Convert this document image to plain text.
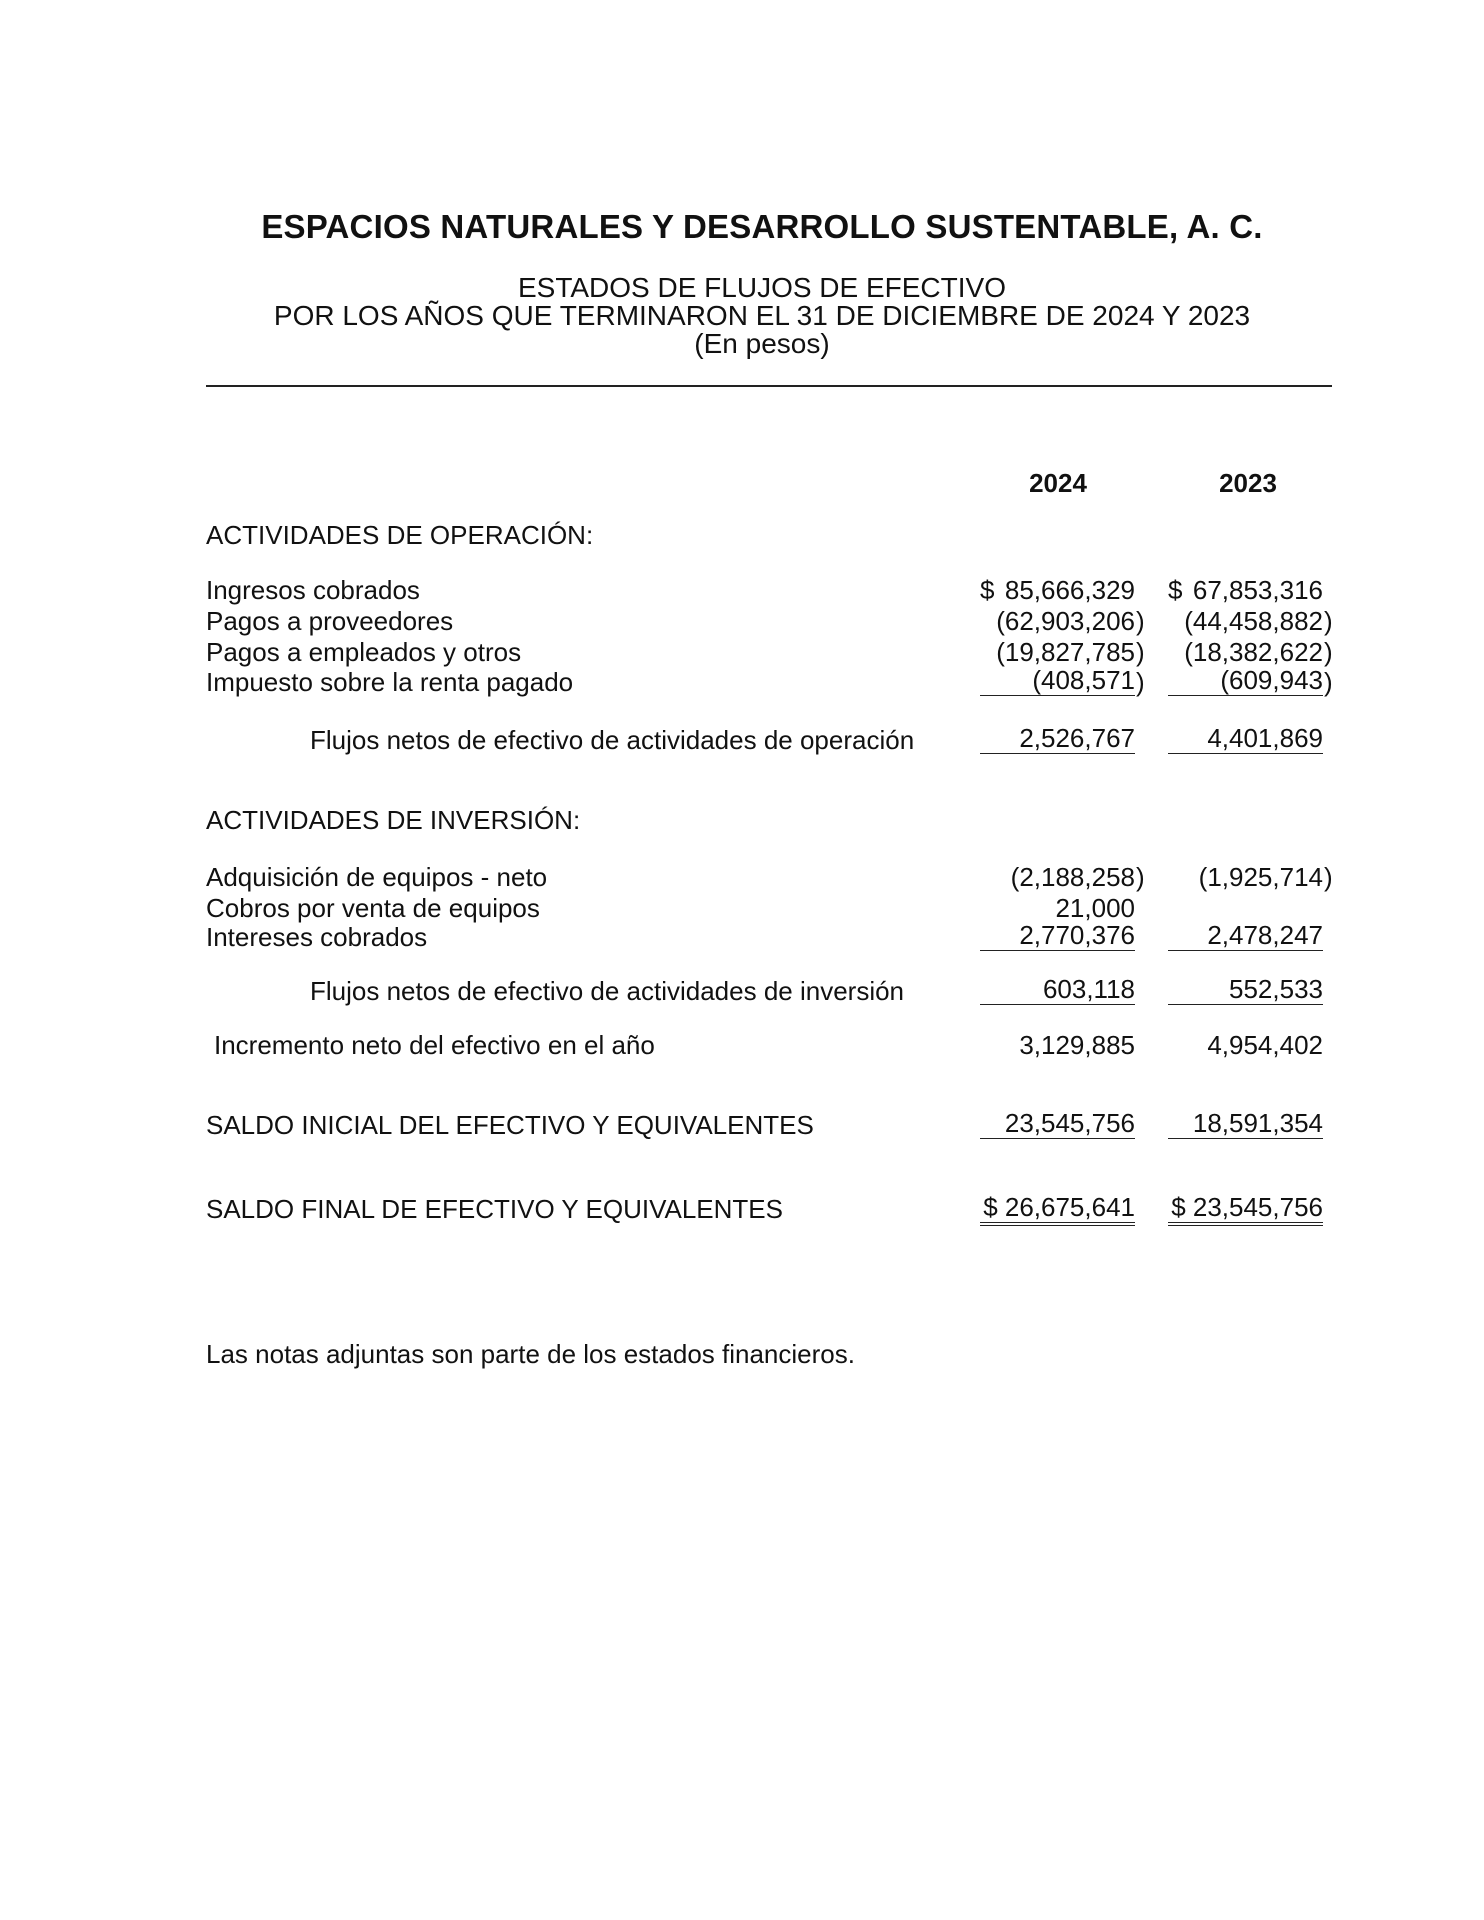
ESPACIOS NATURALES Y DESARROLLO SUSTENTABLE, A. C.
ESTADOS DE FLUJOS DE EFECTIVO
POR LOS AÑOS QUE TERMINARON EL 31 DE DICIEMBRE DE 2024 Y 2023
(En pesos)
2024	2023
ACTIVIDADES DE OPERACIÓN:
Ingresos cobrados	$ 85,666,329 $ 67,853,316
Pagos a proveedores	(62,903,206 )	(44,458,882 )
Pagos a empleados y otros	(19,827,785 )	(18,382,622 )
Impuesto sobre la renta pagado	(408,571 )	(609,943 )
Flujos netos de efectivo de actividades de operación	2,526,767	4,401,869
ACTIVIDADES DE INVERSIÓN:
Adquisición de equipos - neto	(2,188,258 )	(1,925,714 )
Cobros por venta de equipos	21,000
Intereses cobrados	2,770,376	2,478,247
Flujos netos de efectivo de actividades de inversión	603,118	552,533
Incremento neto del efectivo en el año	3,129,885	4,954,402
SALDO INICIAL DEL EFECTIVO Y EQUIVALENTES	23,545,756	18,591,354
SALDO FINAL DE EFECTIVO Y EQUIVALENTES	$ 26,675,641 $ 23,545,756
Las notas adjuntas son parte de los estados financieros.
